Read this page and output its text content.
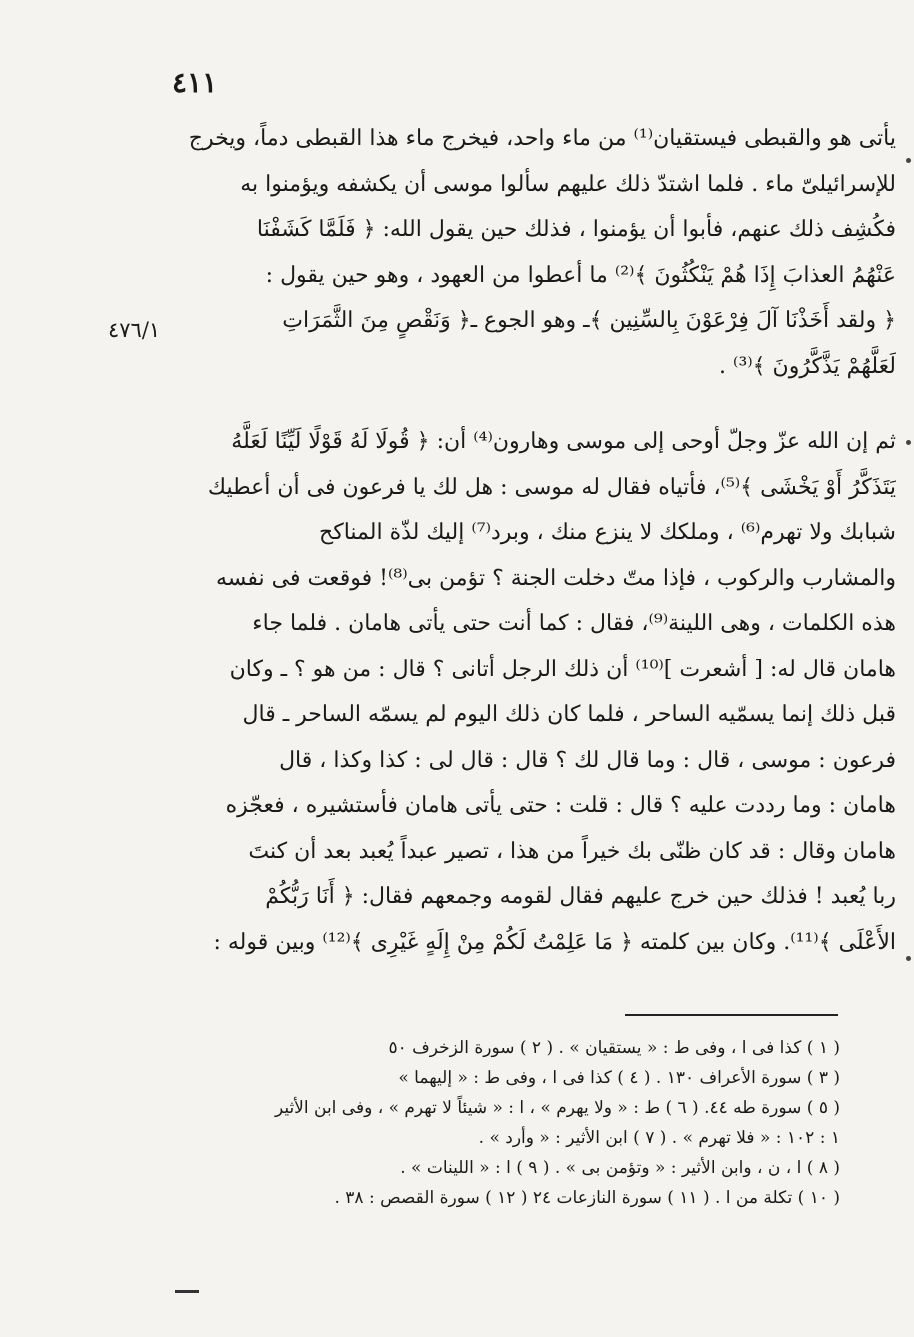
٤١١
٤٧٦/١
يأتى هو والقبطى فيستقيان⁽¹⁾ من ماء واحد، فيخرج ماء هذا القبطى دماً، ويخرج
للإسرائيلىّ ماء . فلما اشتدّ ذلك عليهم سألوا موسى أن يكشفه ويؤمنوا به
فكُشِف ذلك عنهم، فأبوا أن يؤمنوا ، فذلك حين يقول الله: ﴿ فَلَمَّا كَشَفْنَا
عَنْهُمُ العذابَ إِذَا هُمْ يَنْكُثُونَ ﴾⁽²⁾ ما أعطوا من العهود ، وهو حين يقول :
﴿ ولقد أَخَذْنَا آلَ فِرْعَوْنَ بِالسِّنِين ﴾ـ وهو الجوع ـ﴿ وَنَقْصٍ مِنَ الثَّمَرَاتِ
لَعَلَّهُمْ يَذَّكَّرُونَ ﴾⁽³⁾ .
ثم إن الله عزّ وجلّ أوحى إلى موسى وهارون⁽⁴⁾ أن: ﴿ قُولَا لَهُ قَوْلًا لَيِّنًا لَعَلَّهُ
يَتَذَكَّرُ أَوْ يَخْشَى ﴾⁽⁵⁾، فأتياه فقال له موسى : هل لك يا فرعون فى أن أعطيك
شبابك ولا تهرم⁽⁶⁾ ، وملكك لا ينزع منك ، وبرد⁽⁷⁾ إليك لذّة المناكح
والمشارب والركوب ، فإذا متّ دخلت الجنة ؟ تؤمن بى⁽⁸⁾! فوقعت فى نفسه
هذه الكلمات ، وهى اللينة⁽⁹⁾، فقال : كما أنت حتى يأتى هامان . فلما جاء
هامان قال له: [ أشعرت ]⁽¹⁰⁾ أن ذلك الرجل أتانى ؟ قال : من هو ؟ ـ وكان
قبل ذلك إنما يسمّيه الساحر ، فلما كان ذلك اليوم لم يسمّه الساحر ـ قال
فرعون : موسى ، قال : وما قال لك ؟ قال : قال لى : كذا وكذا ، قال
هامان : وما رددت عليه ؟ قال : قلت : حتى يأتى هامان فأستشيره ، فعجّزه
هامان وقال : قد كان ظنّى بك خيراً من هذا ، تصير عبداً يُعبد بعد أن كنتَ
ربا يُعبد ! فذلك حين خرج عليهم فقال لقومه وجمعهم فقال: ﴿ أَنَا رَبُّكُمْ
الأَعْلَى ﴾⁽¹¹⁾. وكان بين كلمته ﴿ مَا عَلِمْتُ لَكُمْ مِنْ إِلَهٍ غَيْرِى ﴾⁽¹²⁾ وبين قوله :
( ١ ) كذا فى ا ، وفى ط : « يستقيان » . ( ٢ ) سورة الزخرف ٥٠
( ٣ ) سورة الأعراف ١٣٠ . ( ٤ ) كذا فى ا ، وفى ط : « إليهما »
( ٥ ) سورة طه ٤٤. ( ٦ ) ط : « ولا يهرم » ، ا : « شيئاً لا تهرم » ، وفى ابن الأثير
١ : ١٠٢ : « فلا تهرم » . ( ٧ ) ابن الأثير : « وأرد » .
( ٨ ) ا ، ن ، وابن الأثير : « وتؤمن بى » . ( ٩ ) ا : « اللينات » .
( ١٠ ) تكلة من ا . ( ١١ ) سورة النازعات ٢٤ ( ١٢ ) سورة القصص : ٣٨ .
